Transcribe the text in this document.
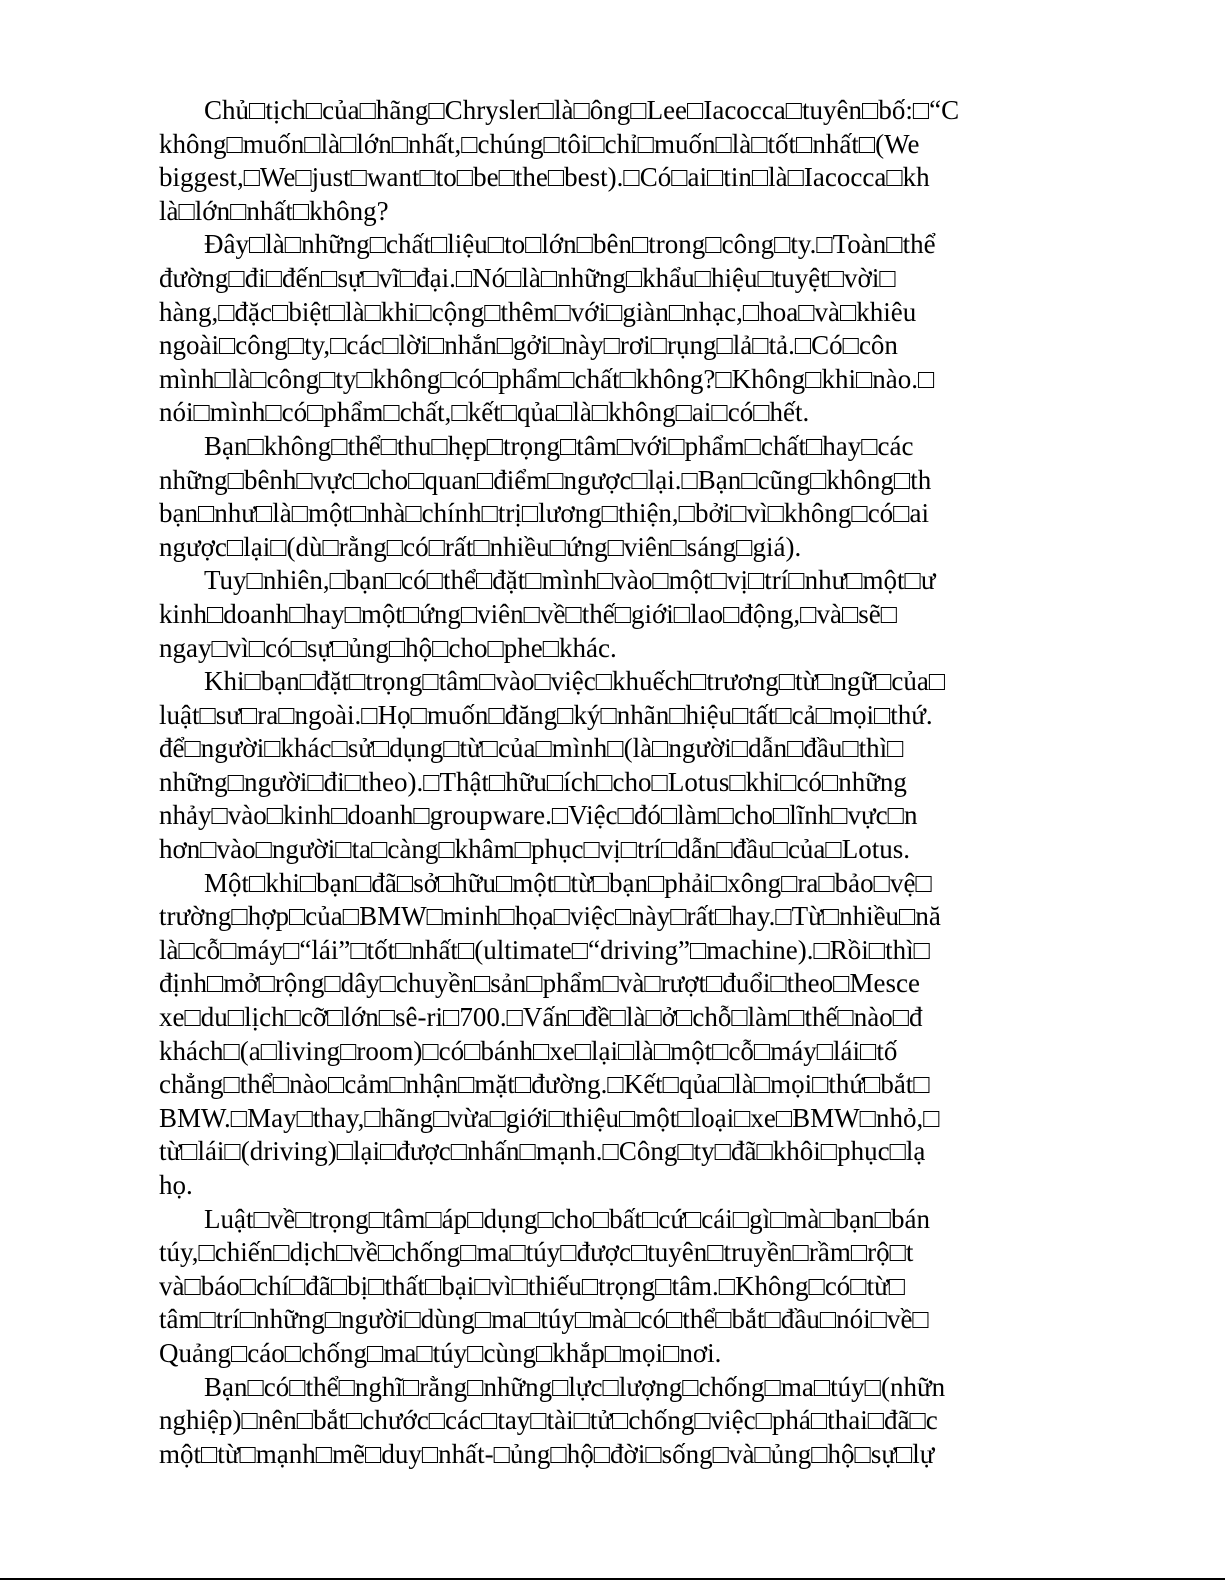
Chủ□tịch□của□hãng□Chrysler□là□ông□Lee□Iacocca□tuyên□bố:□“C
không□muốn□là□lớn□nhất,□chúng□tôi□chỉ□muốn□là□tốt□nhất□(We
biggest,□We□just□want□to□be□the□best).□Có□ai□tin□là□Iacocca□kh
là□lớn□nhất□không?
Đây□là□những□chất□liệu□to□lớn□bên□trong□công□ty.□Toàn□thể
đường□đi□đến□sự□vĩ□đại.□Nó□là□những□khẩu□hiệu□tuyệt□vời□
hàng,□đặc□biệt□là□khi□cộng□thêm□với□giàn□nhạc,□hoa□và□khiêu
ngoài□công□ty,□các□lời□nhắn□gởi□này□rơi□rụng□lả□tả.□Có□côn
mình□là□công□ty□không□có□phẩm□chất□không?□Không□khi□nào.□
nói□mình□có□phẩm□chất,□kết□qủa□là□không□ai□có□hết.
Bạn□không□thể□thu□hẹp□trọng□tâm□với□phẩm□chất□hay□các
những□bênh□vực□cho□quan□điểm□ngược□lại.□Bạn□cũng□không□th
bạn□như□là□một□nhà□chính□trị□lương□thiện,□bởi□vì□không□có□ai
ngược□lại□(dù□rằng□có□rất□nhiều□ứng□viên□sáng□giá).
Tuy□nhiên,□bạn□có□thể□đặt□mình□vào□một□vị□trí□như□một□ư
kinh□doanh□hay□một□ứng□viên□về□thế□giới□lao□động,□và□sẽ□
ngay□vì□có□sự□ủng□hộ□cho□phe□khác.
Khi□bạn□đặt□trọng□tâm□vào□việc□khuếch□trương□từ□ngữ□của□
luật□sư□ra□ngoài.□Họ□muốn□đăng□ký□nhãn□hiệu□tất□cả□mọi□thứ.
để□người□khác□sử□dụng□từ□của□mình□(là□người□dẫn□đầu□thì□
những□người□đi□theo).□Thật□hữu□ích□cho□Lotus□khi□có□những
nhảy□vào□kinh□doanh□groupware.□Việc□đó□làm□cho□lĩnh□vực□n
hơn□vào□người□ta□càng□khâm□phục□vị□trí□dẫn□đầu□của□Lotus.
Một□khi□bạn□đã□sở□hữu□một□từ□bạn□phải□xông□ra□bảo□vệ□
trường□hợp□của□BMW□minh□họa□việc□này□rất□hay.□Từ□nhiều□nă
là□cỗ□máy□“lái”□tốt□nhất□(ultimate□“driving”□machine).□Rồi□thì□
định□mở□rộng□dây□chuyền□sản□phẩm□và□rượt□đuổi□theo□Mesce
xe□du□lịch□cỡ□lớn□sê-ri□700.□Vấn□đề□là□ở□chỗ□làm□thế□nào□đ
khách□(a□living□room)□có□bánh□xe□lại□là□một□cỗ□máy□lái□tố
chẳng□thể□nào□cảm□nhận□mặt□đường.□Kết□qủa□là□mọi□thứ□bắt□
BMW.□May□thay,□hãng□vừa□giới□thiệu□một□loại□xe□BMW□nhỏ,□
từ□lái□(driving)□lại□được□nhấn□mạnh.□Công□ty□đã□khôi□phục□lạ
họ.
Luật□về□trọng□tâm□áp□dụng□cho□bất□cứ□cái□gì□mà□bạn□bán
túy,□chiến□dịch□về□chống□ma□túy□được□tuyên□truyền□rầm□rộ□t
và□báo□chí□đã□bị□thất□bại□vì□thiếu□trọng□tâm.□Không□có□từ□
tâm□trí□những□người□dùng□ma□túy□mà□có□thể□bắt□đầu□nói□về□
Quảng□cáo□chống□ma□túy□cùng□khắp□mọi□nơi.
Bạn□có□thể□nghĩ□rằng□những□lực□lượng□chống□ma□túy□(nhữn
nghiệp)□nên□bắt□chước□các□tay□tài□tử□chống□việc□phá□thai□đã□c
một□từ□mạnh□mẽ□duy□nhất-□ủng□hộ□đời□sống□và□ủng□hộ□sự□lự
